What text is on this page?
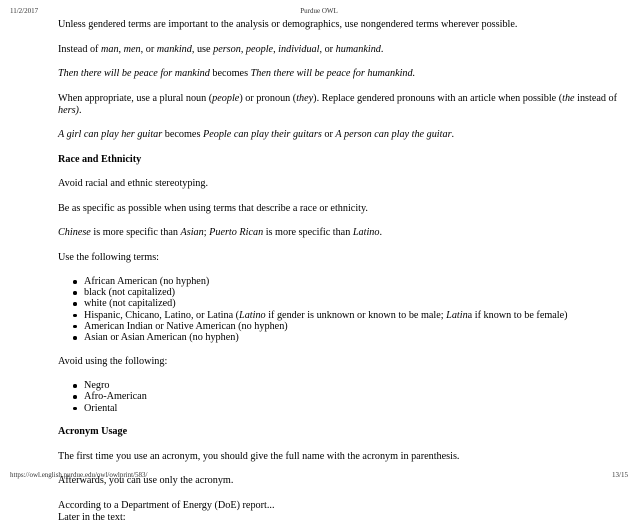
11/2/2017	Purdue OWL

Unless gendered terms are important to the analysis or demographics, use nongendered terms wherever possible.

Instead of man, men, or mankind, use person, people, individual, or humankind.

Then there will be peace for mankind becomes Then there will be peace for humankind.

When appropriate, use a plural noun (people) or pronoun (they). Replace gendered pronouns with an article when possible (the instead of hers).

A girl can play her guitar becomes People can play their guitars or A person can play the guitar.

Race and Ethnicity

Avoid racial and ethnic stereotyping.

Be as specific as possible when using terms that describe a race or ethnicity.

Chinese is more specific than Asian; Puerto Rican is more specific than Latino.

Use the following terms:

African American (no hyphen)
black (not capitalized)
white (not capitalized)
Hispanic, Chicano, Latino, or Latina (Latino if gender is unknown or known to be male; Latina if known to be female)
American Indian or Native American (no hyphen)
Asian or Asian American (no hyphen)

Avoid using the following:

Negro
Afro-American
Oriental
Acronym Usage

The first time you use an acronym, you should give the full name with the acronym in parenthesis.

Afterwards, you can use only the acronym.

According to a Department of Energy (DoE) report...
Later in the text:

https://owl.english.purdue.edu/owl/owlprint/583/	13/15
